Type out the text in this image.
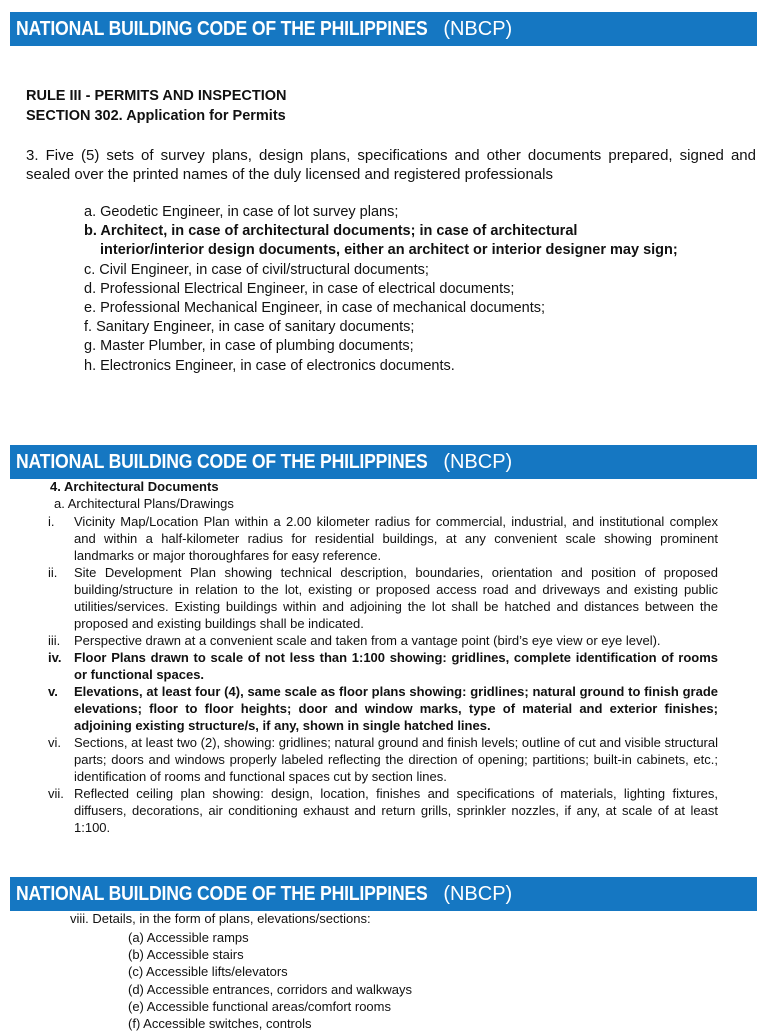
NATIONAL BUILDING CODE OF THE PHILIPPINES (NBCP)
RULE III - PERMITS AND INSPECTION
SECTION 302. Application for Permits
3. Five (5) sets of survey plans, design plans, specifications and other documents prepared, signed and sealed over the printed names of the duly licensed and registered professionals
a. Geodetic Engineer, in case of lot survey plans;
b. Architect, in case of architectural documents; in case of architectural
interior/interior design documents, either an architect or interior designer may sign;
c. Civil Engineer, in case of civil/structural documents;
d. Professional Electrical Engineer, in case of electrical documents;
e. Professional Mechanical Engineer, in case of mechanical documents;
f. Sanitary Engineer, in case of sanitary documents;
g. Master Plumber, in case of plumbing documents;
h. Electronics Engineer, in case of electronics documents.
NATIONAL BUILDING CODE OF THE PHILIPPINES (NBCP)
4. Architectural Documents
a. Architectural Plans/Drawings
i.	Vicinity Map/Location Plan within a 2.00 kilometer radius for commercial, industrial, and institutional complex and within a half-kilometer radius for residential buildings, at any convenient scale showing prominent landmarks or major thoroughfares for easy reference.
ii.	Site Development Plan showing technical description, boundaries, orientation and position of proposed building/structure in relation to the lot, existing or proposed access road and driveways and existing public utilities/services. Existing buildings within and adjoining the lot shall be hatched and distances between the proposed and existing buildings shall be indicated.
iii.	Perspective drawn at a convenient scale and taken from a vantage point (bird’s eye view or eye level).
iv. Floor Plans drawn to scale of not less than 1:100 showing: gridlines, complete identification of rooms or functional spaces.
v.	Elevations, at least four (4), same scale as floor plans showing: gridlines; natural ground to finish grade elevations; floor to floor heights; door and window marks, type of material and exterior finishes; adjoining existing structure/s, if any, shown in single hatched lines.
vi.	Sections, at least two (2), showing: gridlines; natural ground and finish levels; outline of cut and visible structural parts; doors and windows properly labeled reflecting the direction of opening; partitions; built-in cabinets, etc.; identification of rooms and functional spaces cut by section lines.
vii. Reflected ceiling plan showing: design, location, finishes and specifications of materials, lighting fixtures, diffusers, decorations, air conditioning exhaust and return grills, sprinkler nozzles, if any, at scale of at least 1:100.
NATIONAL BUILDING CODE OF THE PHILIPPINES (NBCP)
viii. Details, in the form of plans, elevations/sections:
(a) Accessible ramps
(b) Accessible stairs
(c) Accessible lifts/elevators
(d) Accessible entrances, corridors and walkways
(e) Accessible functional areas/comfort rooms
(f) Accessible switches, controls
